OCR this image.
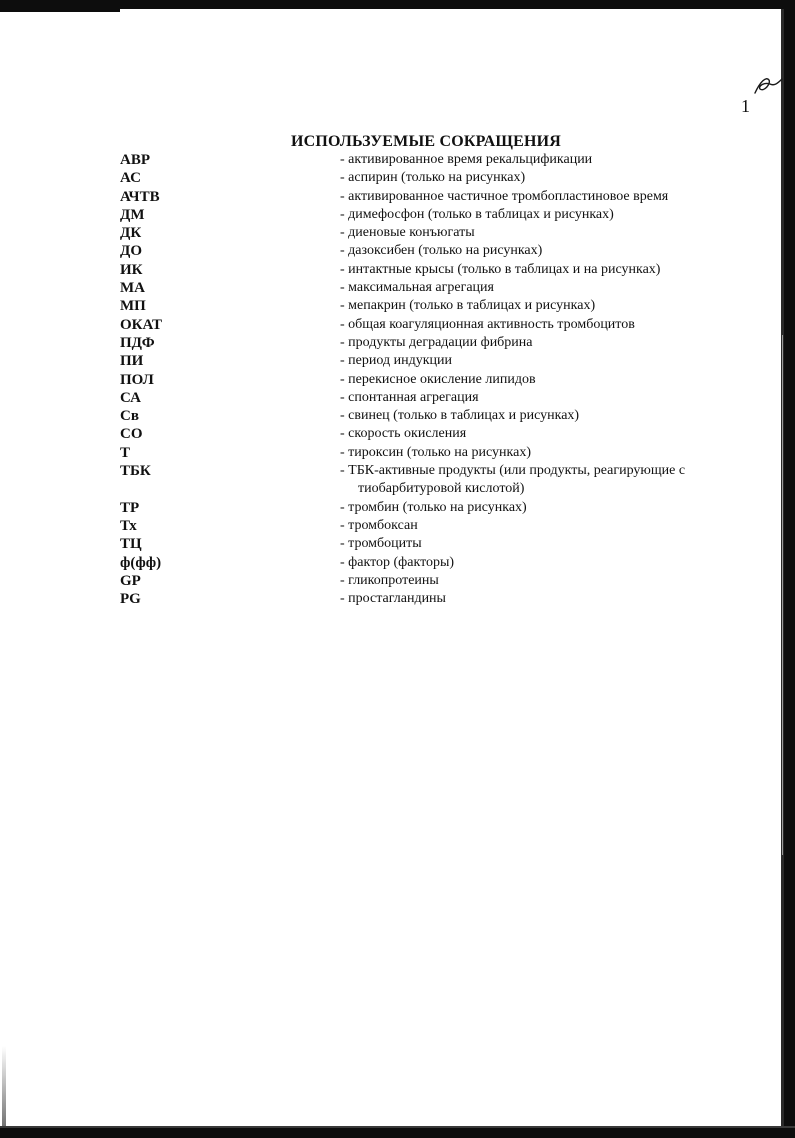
1
ИСПОЛЬЗУЕМЫЕ СОКРАЩЕНИЯ
АВР	- активированное время рекальцификации
АС	- аспирин (только на рисунках)
АЧТВ	- активированное частичное тромбопластиновое время
ДМ	- димефосфон (только в таблицах и рисунках)
ДК	- диеновые конъюгаты
ДО	- дазоксибен (только на рисунках)
ИК	- интактные крысы (только в таблицах и на рисунках)
МА	- максимальная агрегация
МП	- мепакрин (только в таблицах и рисунках)
ОКАТ	- общая коагуляционная активность тромбоцитов
ПДФ	- продукты деградации фибрина
ПИ	- период индукции
ПОЛ	- перекисное окисление липидов
СА	- спонтанная агрегация
Св	- свинец (только в таблицах и рисунках)
СО	- скорость окисления
Т	- тироксин (только на рисунках)
ТБК	- ТБК-активные продукты (или продукты, реагирующие с тиобарбитуровой кислотой)
ТР	- тромбин (только на рисунках)
Тх	- тромбоксан
ТЦ	- тромбоциты
ф(фф)	- фактор (факторы)
GP	- гликопротеины
PG	- простагландины
